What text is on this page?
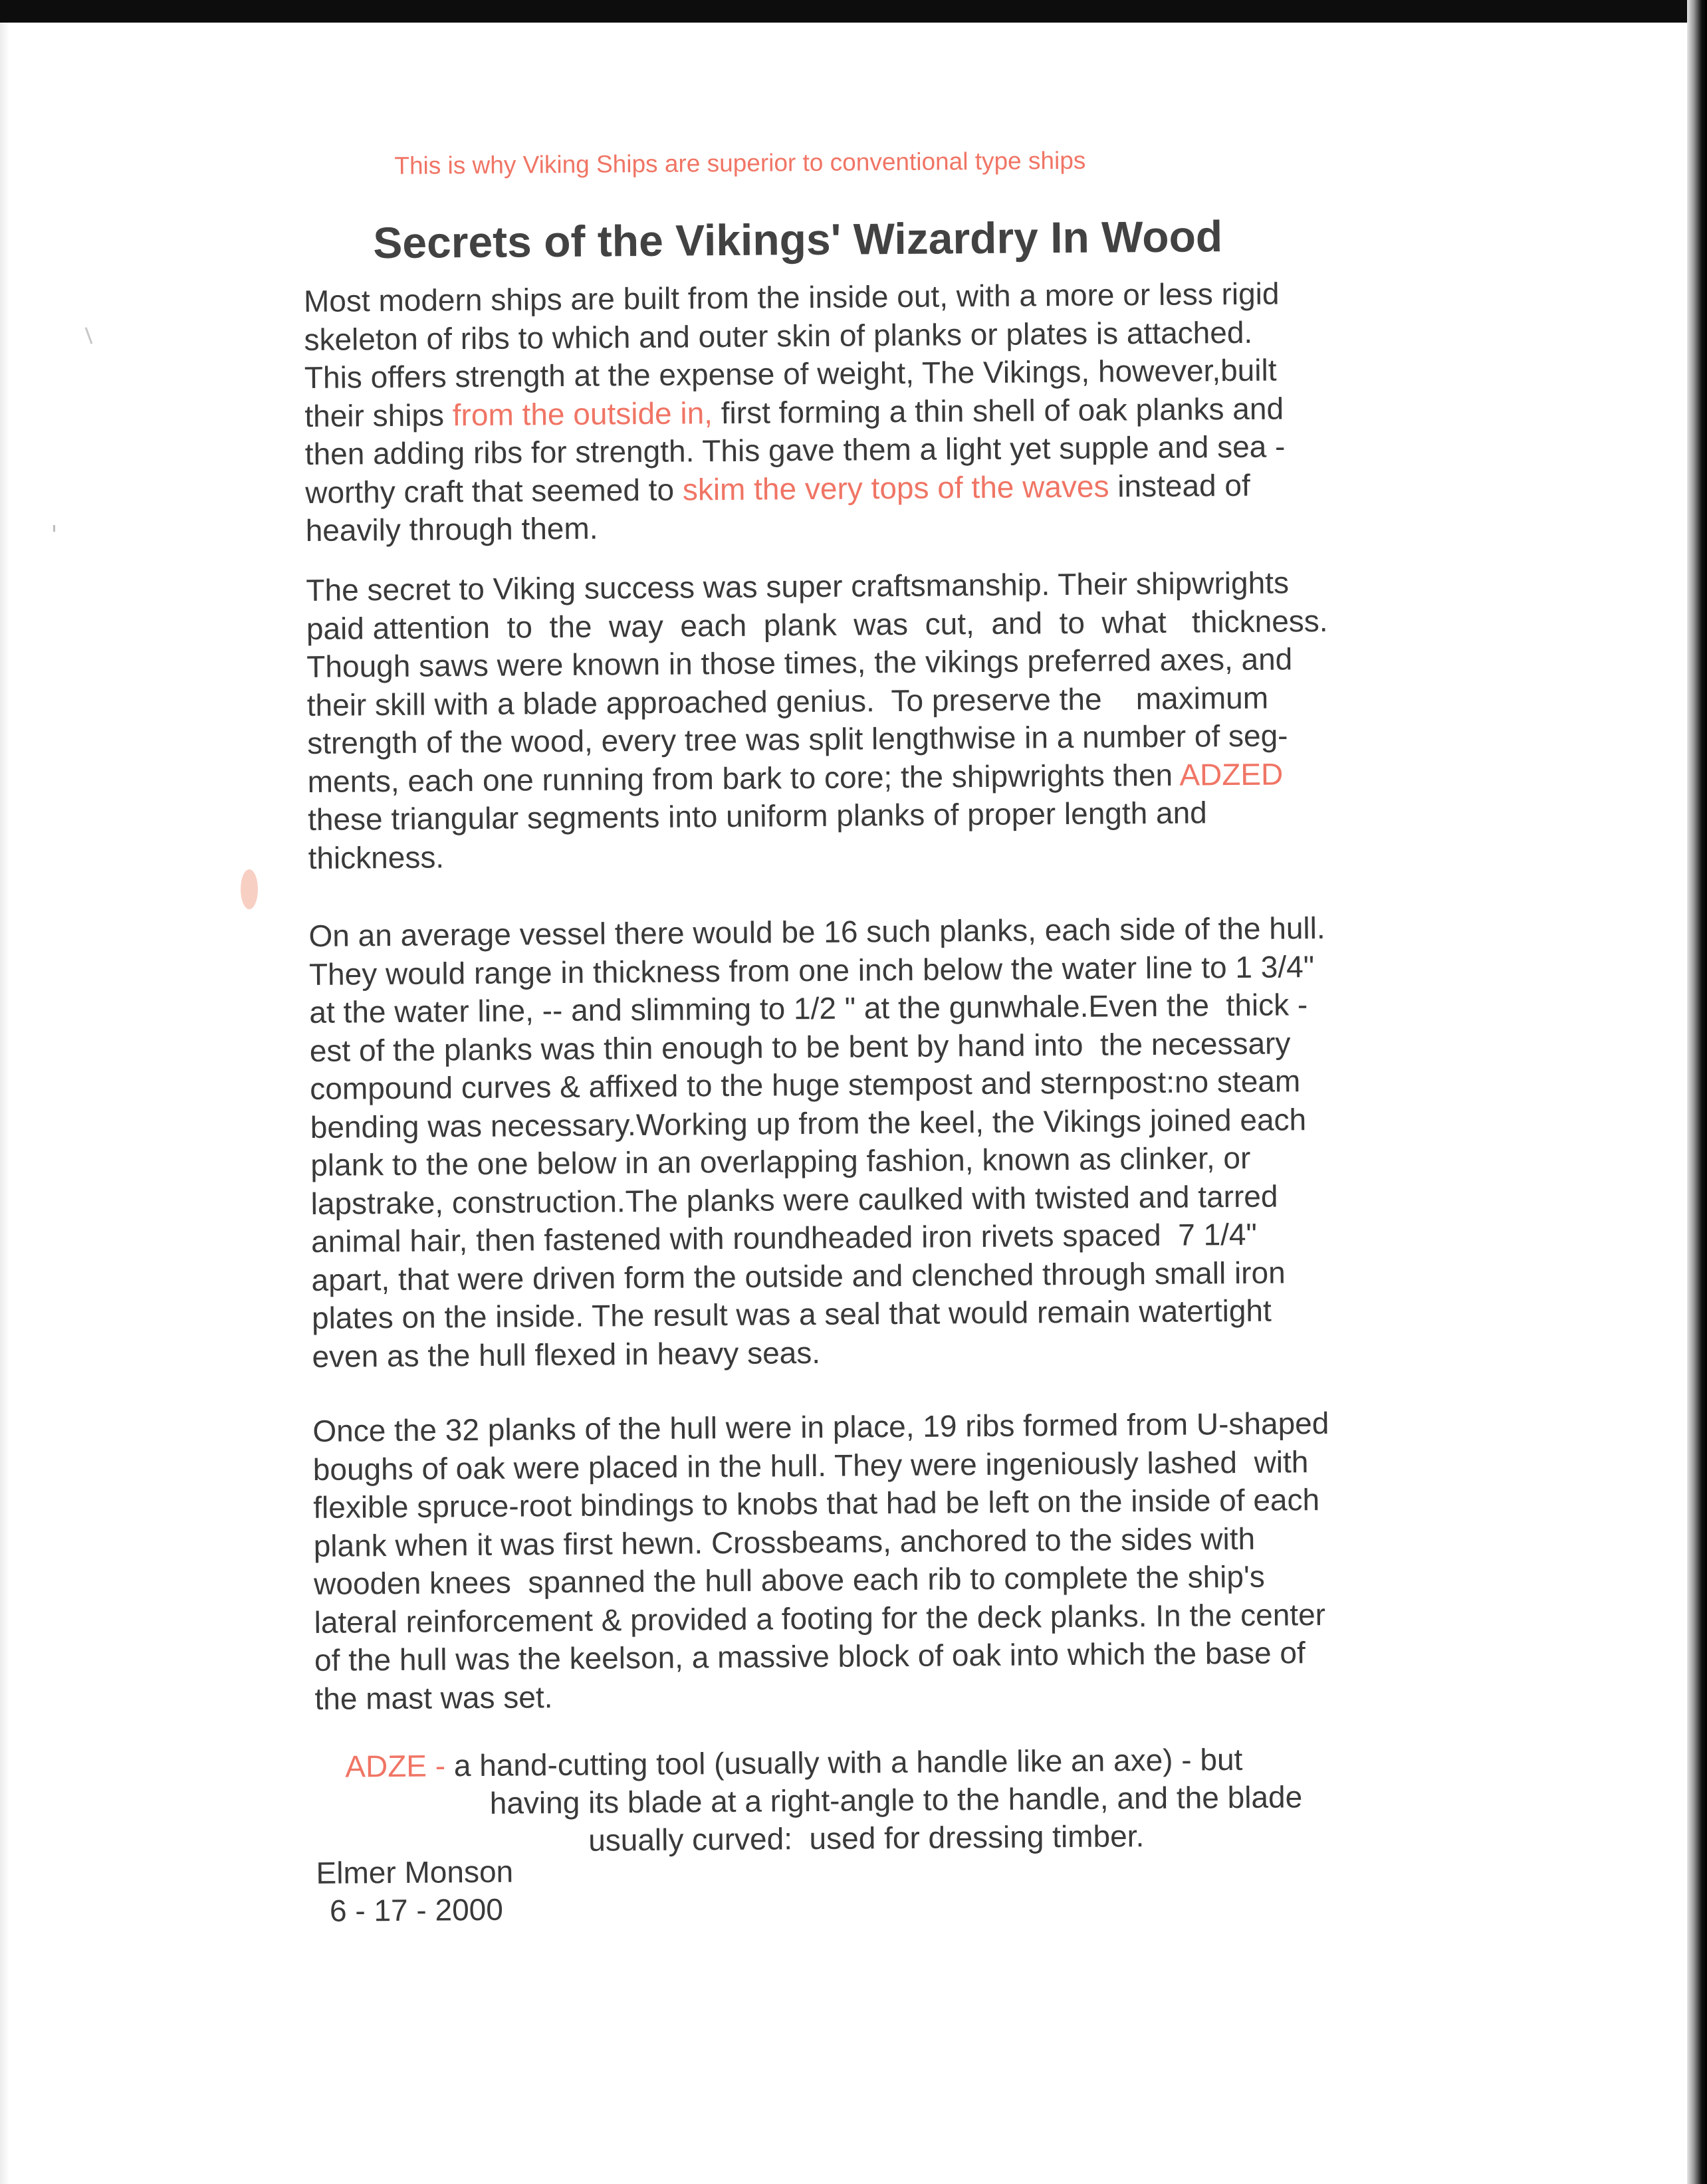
This is why Viking Ships are superior to conventional type ships
Secrets of the Vikings' Wizardry In Wood
Most modern ships are built from the inside out, with a more or less rigid
skeleton of ribs to which and outer skin of planks or plates is attached.
This offers strength at the expense of weight, The Vikings, however,built
their ships from the outside in, first forming a thin shell of oak planks and
then adding ribs for strength. This gave them a light yet supple and sea -
worthy craft that seemed to skim the very tops of the waves instead of
heavily through them.
The secret to Viking success was super craftsmanship. Their shipwrights
paid attention  to  the  way  each  plank  was  cut,  and  to  what   thickness.
Though saws were known in those times, the vikings preferred axes, and
their skill with a blade approached genius.  To preserve the    maximum
strength of the wood, every tree was split lengthwise in a number of seg-
ments, each one running from bark to core; the shipwrights then ADZED
these triangular segments into uniform planks of proper length and
thickness.
On an average vessel there would be 16 such planks, each side of the hull.
They would range in thickness from one inch below the water line to 1 3/4"
at the water line, -- and slimming to 1/2 " at the gunwhale.Even the  thick -
est of the planks was thin enough to be bent by hand into  the necessary
compound curves & affixed to the huge stempost and sternpost:no steam
bending was necessary.Working up from the keel, the Vikings joined each
plank to the one below in an overlapping fashion, known as clinker, or
lapstrake, construction.The planks were caulked with twisted and tarred
animal hair, then fastened with roundheaded iron rivets spaced  7 1/4"
apart, that were driven form the outside and clenched through small iron
plates on the inside. The result was a seal that would remain watertight
even as the hull flexed in heavy seas.
Once the 32 planks of the hull were in place, 19 ribs formed from U-shaped
boughs of oak were placed in the hull. They were ingeniously lashed  with
flexible spruce-root bindings to knobs that had be left on the inside of each
plank when it was first hewn. Crossbeams, anchored to the sides with
wooden knees  spanned the hull above each rib to complete the ship's
lateral reinforcement & provided a footing for the deck planks. In the center
of the hull was the keelson, a massive block of oak into which the base of
the mast was set.
ADZE - a hand-cutting tool (usually with a handle like an axe) - but
having its blade at a right-angle to the handle, and the blade
usually curved:  used for dressing timber.
Elmer Monson
6 - 17 - 2000
